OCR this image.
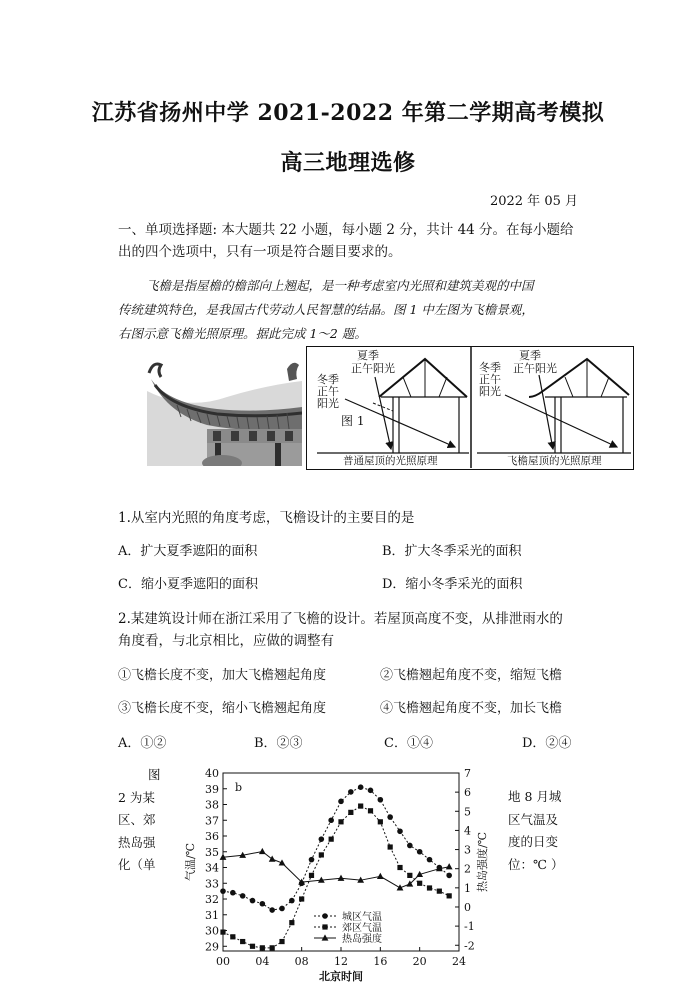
江苏省扬州中学 2021-2022 年第二学期高考模拟
高三地理选修
2022 年 05 月
一、单项选择题: 本大题共 22 小题，每小题 2 分，共计 44 分。在每小题给
出的四个选项中，只有一项是符合题目要求的。
飞檐是指屋檐的檐部向上翘起，是一种考虑室内光照和建筑美观的中国
传统建筑特色，是我国古代劳动人民智慧的结晶。图 1 中左图为飞檐景观，
右图示意飞檐光照原理。据此完成 1～2 题。
夏季
正午阳光
冬季
正午
阳光
图 1
普通屋顶的光照原理
夏季
正午阳光
冬季
正午
阳光
飞檐屋顶的光照原理
1.从室内光照的角度考虑，飞檐设计的主要目的是
A．扩大夏季遮阳的面积	B．扩大冬季采光的面积
C．缩小夏季遮阳的面积	D．缩小冬季采光的面积
2.某建筑设计师在浙江采用了飞檐的设计。若屋顶高度不变，从排泄雨水的
角度看，与北京相比，应做的调整有
①飞檐长度不变，加大飞檐翘起角度	②飞檐翘起角度不变，缩短飞檐
③飞檐长度不变，缩小飞檐翘起角度	④飞檐翘起角度不变，加长飞檐
A．①②	B．②③	C．①④	D．②④
图
2 为某
区、郊
热岛强
化（单
地 8 月城
区气温及
度的日变
位：℃ ）
29
30
31
32
33
34
35
36
37
38
39
40
-2
-1
0
1
2
3
4
5
6
7
00 04 08 12 16 20 24
北京时间
气温/℃	热岛强度/℃
b
城区气温
郊区气温
热岛强度
